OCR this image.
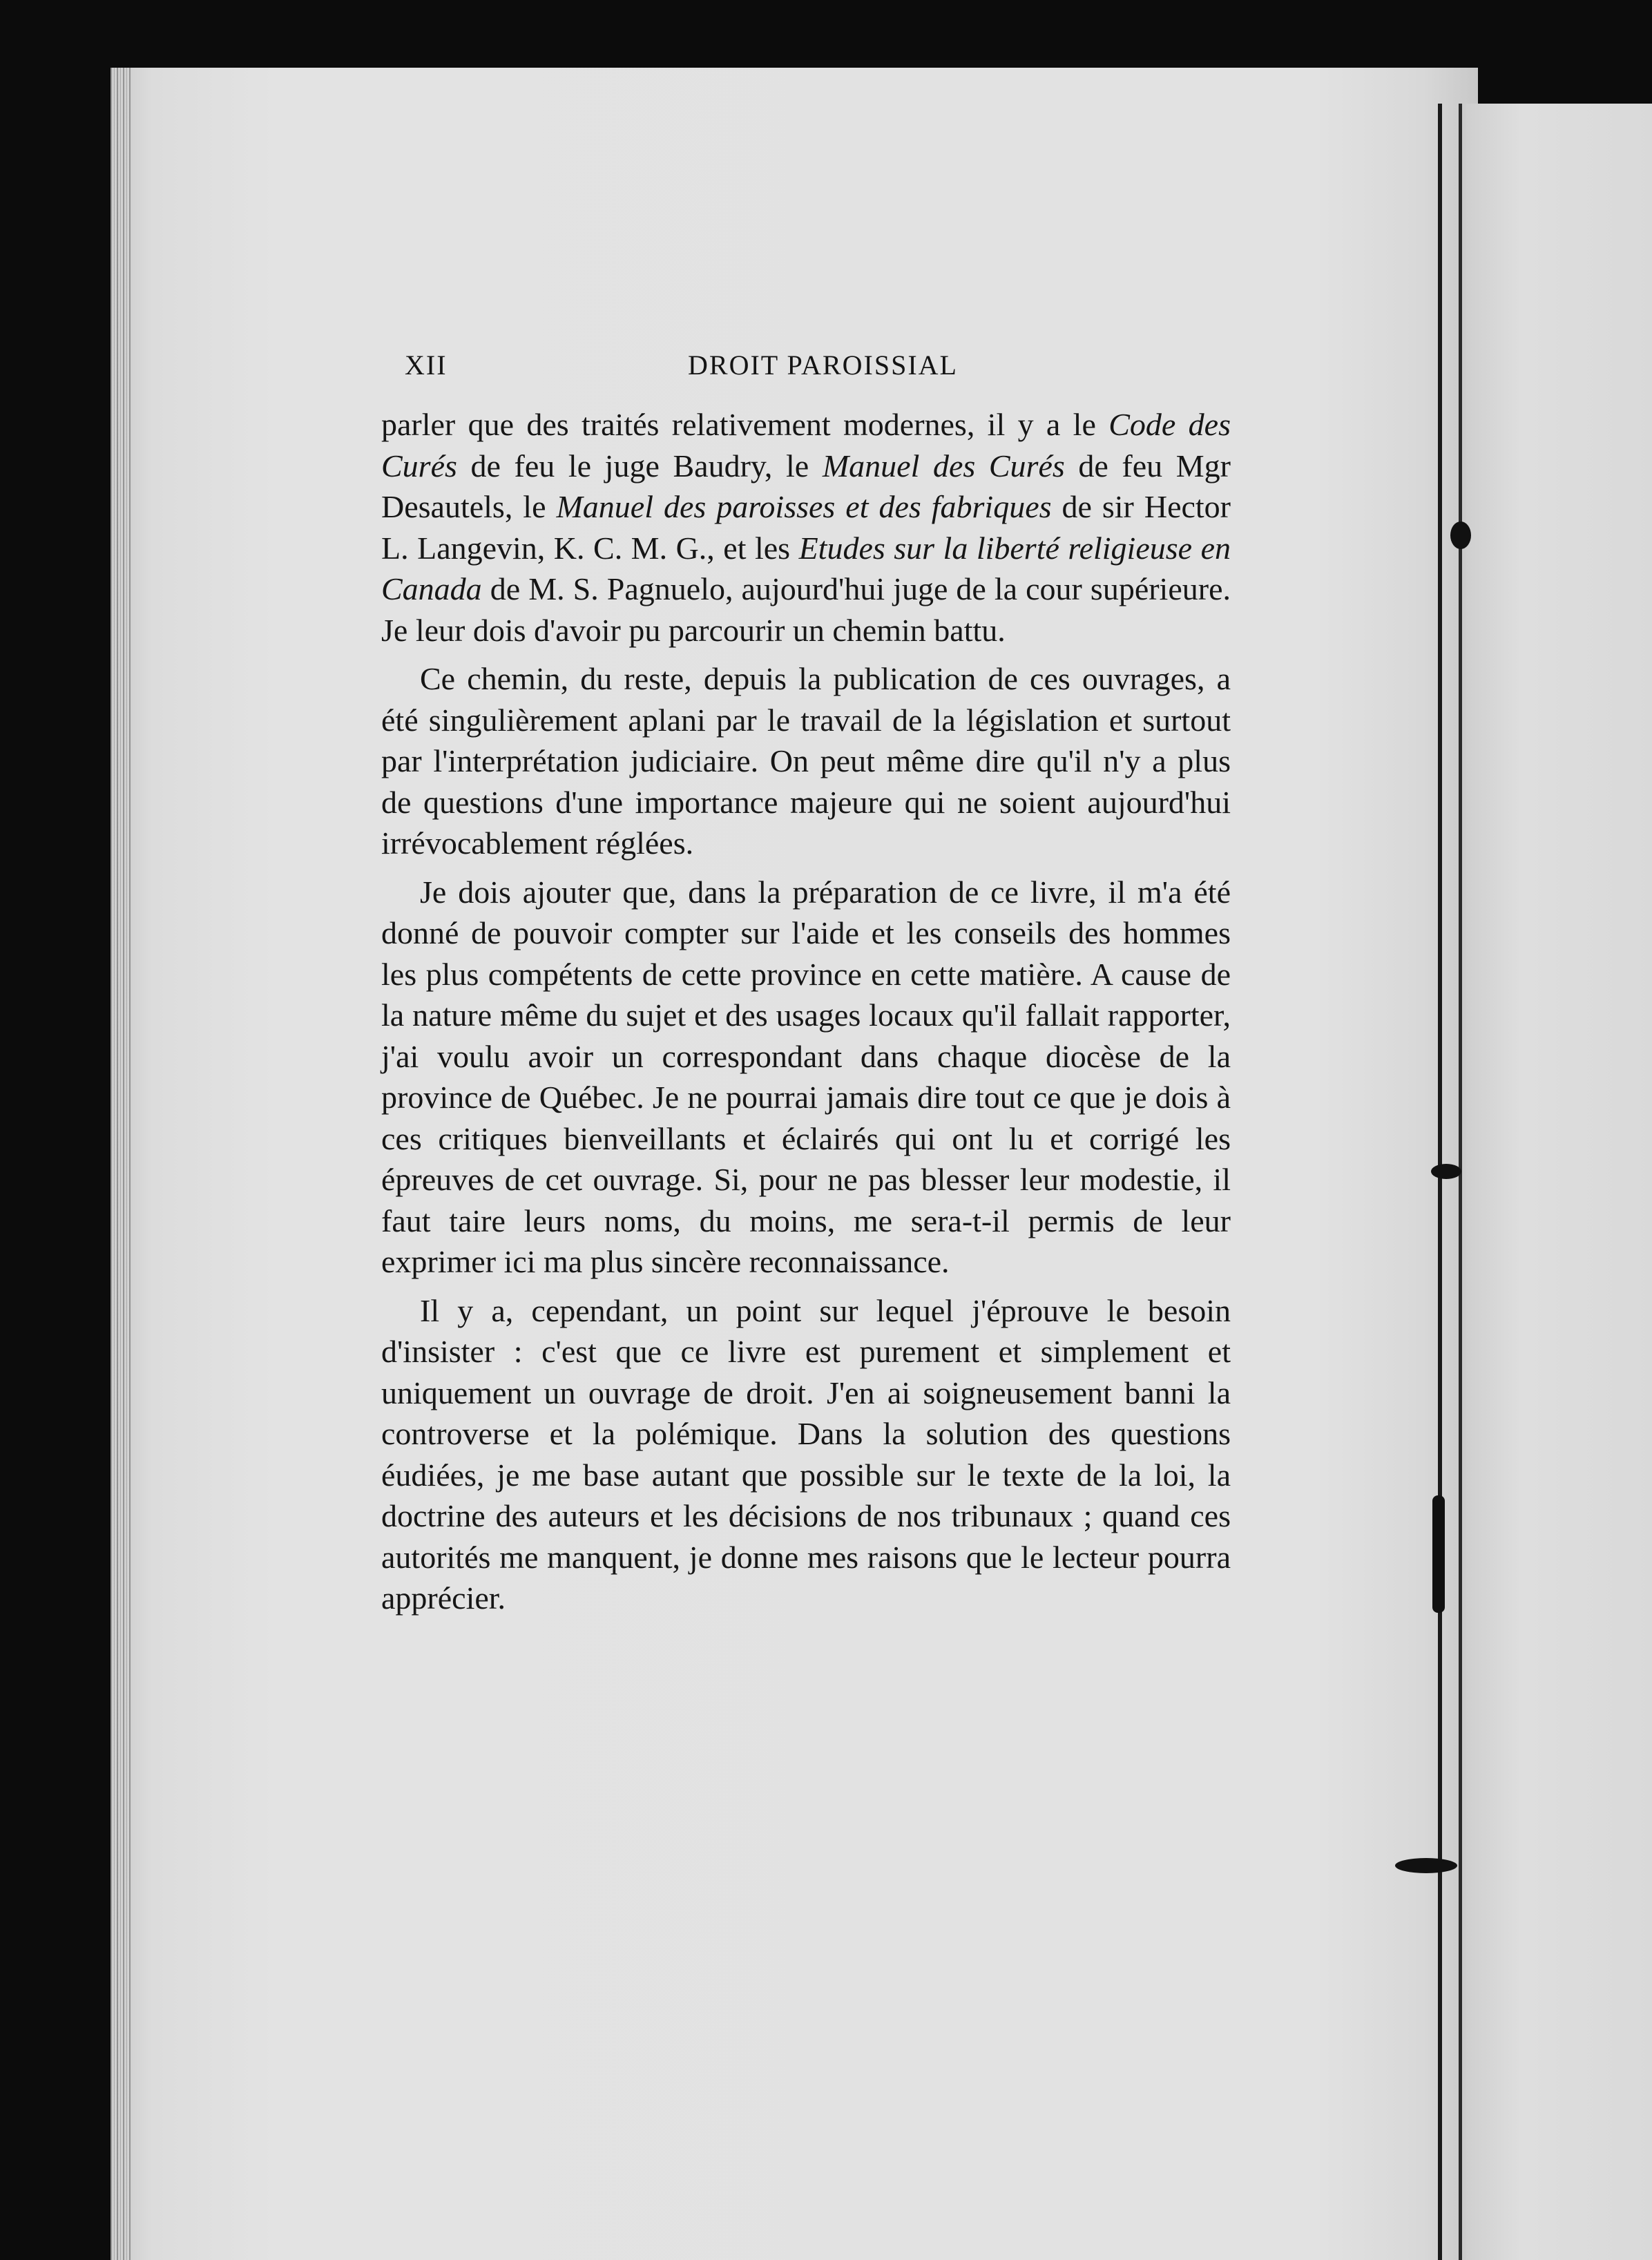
XII	DROIT PAROISSIAL

parler que des traités relativement modernes, il y a le Code des Curés de feu le juge Baudry, le Manuel des Curés de feu Mgr Desautels, le Manuel des paroisses et des fabriques de sir Hector L. Langevin, K. C. M. G., et les Etudes sur la liberté religieuse en Canada de M. S. Pagnuelo, aujourd'hui juge de la cour supérieure. Je leur dois d'avoir pu parcourir un chemin battu.

Ce chemin, du reste, depuis la publication de ces ouvrages, a été singulièrement aplani par le travail de la législation et surtout par l'interprétation judiciaire. On peut même dire qu'il n'y a plus de questions d'une importance majeure qui ne soient aujourd'hui irrévocablement réglées.

Je dois ajouter que, dans la préparation de ce livre, il m'a été donné de pouvoir compter sur l'aide et les conseils des hommes les plus compétents de cette province en cette matière. A cause de la nature même du sujet et des usages locaux qu'il fallait rapporter, j'ai voulu avoir un correspondant dans chaque diocèse de la province de Québec. Je ne pourrai jamais dire tout ce que je dois à ces critiques bienveillants et éclairés qui ont lu et corrigé les épreuves de cet ouvrage. Si, pour ne pas blesser leur modestie, il faut taire leurs noms, du moins, me sera-t-il permis de leur exprimer ici ma plus sincère reconnaissance.

Il y a, cependant, un point sur lequel j'éprouve le besoin d'insister : c'est que ce livre est purement et simplement et uniquement un ouvrage de droit. J'en ai soigneusement banni la controverse et la polémique. Dans la solution des questions éudiées, je me base autant que possible sur le texte de la loi, la doctrine des auteurs et les décisions de nos tribunaux ; quand ces autorités me manquent, je donne mes raisons que le lecteur pourra apprécier.
